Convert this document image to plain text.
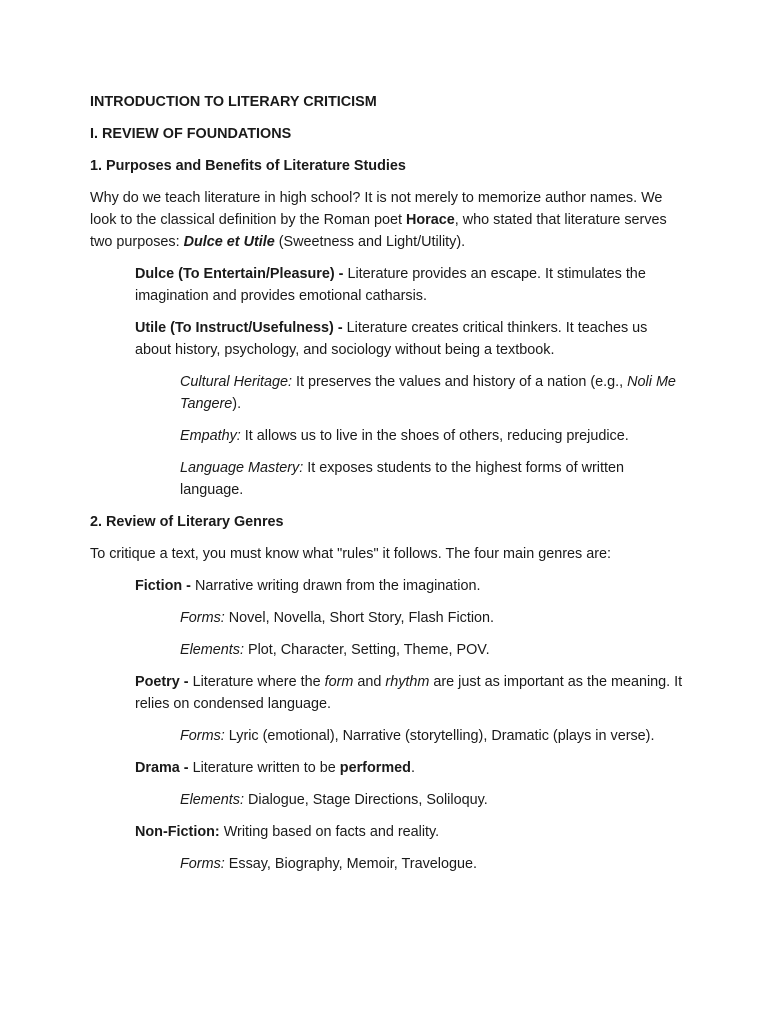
INTRODUCTION TO LITERARY CRITICISM

I. REVIEW OF FOUNDATIONS

1. Purposes and Benefits of Literature Studies

Why do we teach literature in high school? It is not merely to memorize author names. We look to the classical definition by the Roman poet Horace, who stated that literature serves two purposes: Dulce et Utile (Sweetness and Light/Utility).

Dulce (To Entertain/Pleasure) - Literature provides an escape. It stimulates the imagination and provides emotional catharsis.

Utile (To Instruct/Usefulness) - Literature creates critical thinkers. It teaches us about history, psychology, and sociology without being a textbook.

Cultural Heritage: It preserves the values and history of a nation (e.g., Noli Me Tangere).

Empathy: It allows us to live in the shoes of others, reducing prejudice.

Language Mastery: It exposes students to the highest forms of written language.

2. Review of Literary Genres

To critique a text, you must know what "rules" it follows. The four main genres are:

Fiction - Narrative writing drawn from the imagination.

Forms: Novel, Novella, Short Story, Flash Fiction.

Elements: Plot, Character, Setting, Theme, POV.

Poetry - Literature where the form and rhythm are just as important as the meaning. It relies on condensed language.

Forms: Lyric (emotional), Narrative (storytelling), Dramatic (plays in verse).

Drama - Literature written to be performed.

Elements: Dialogue, Stage Directions, Soliloquy.

Non-Fiction: Writing based on facts and reality.

Forms: Essay, Biography, Memoir, Travelogue.
